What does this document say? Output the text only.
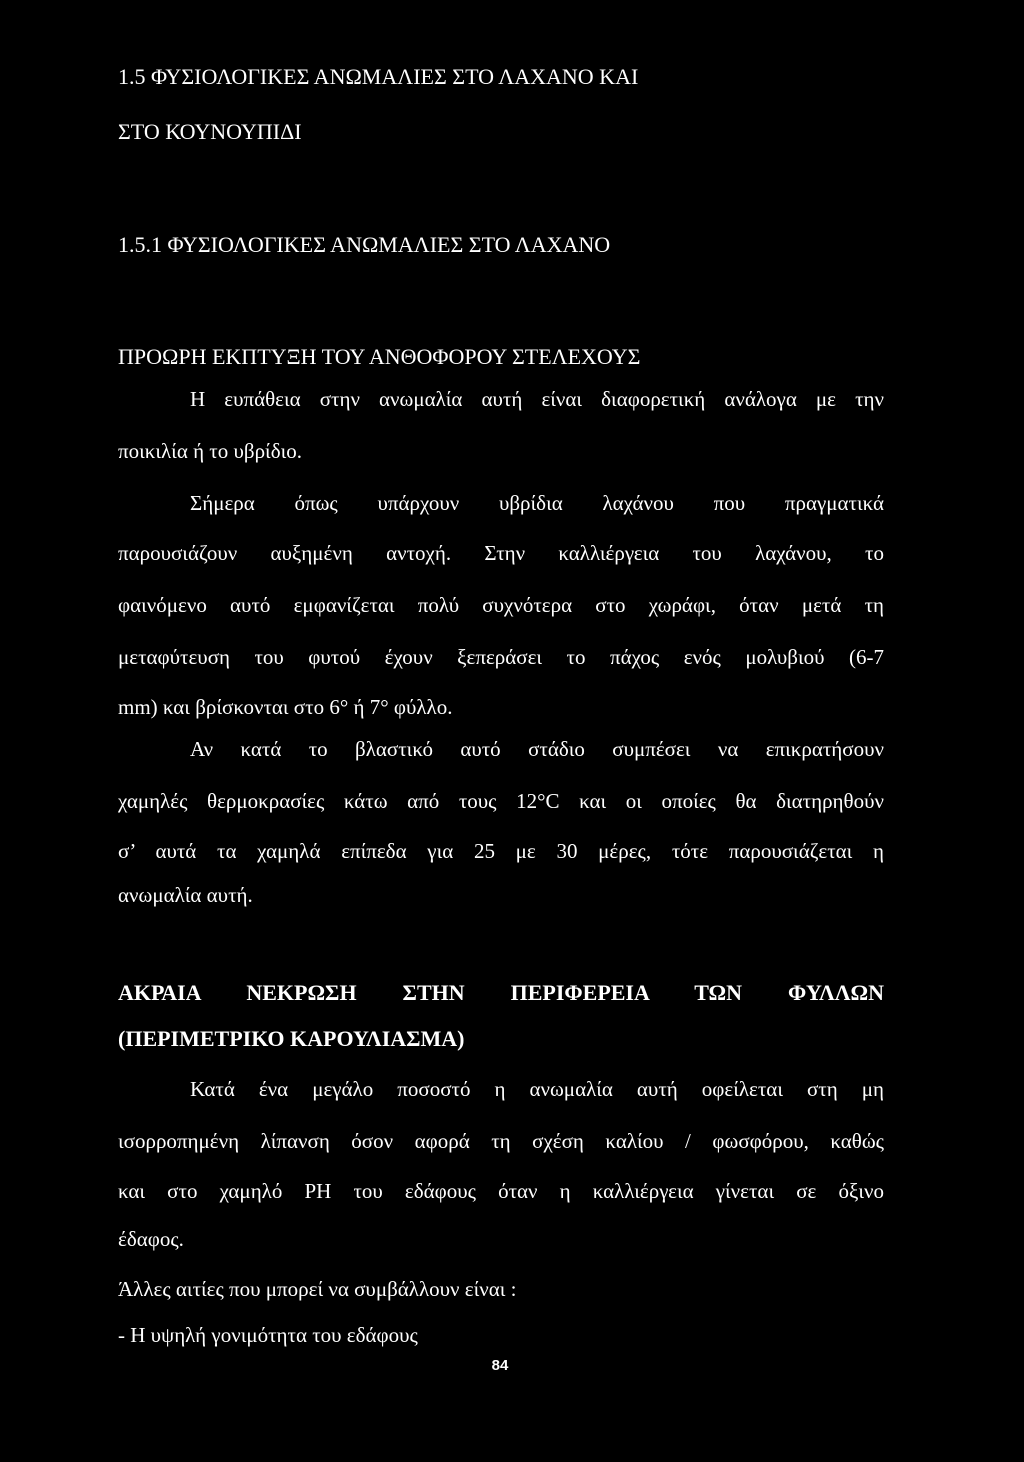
1.5 ΦΥΣΙΟΛΟΓΙΚΕΣ ΑΝΩΜΑΛΙΕΣ ΣΤΟ ΛΑΧΑΝΟ ΚΑΙ
ΣΤΟ ΚΟΥΝΟΥΠΙΔΙ
1.5.1 ΦΥΣΙΟΛΟΓΙΚΕΣ ΑΝΩΜΑΛΙΕΣ ΣΤΟ ΛΑΧΑΝΟ
ΠΡΟΩΡΗ ΕΚΠΤΥΞΗ ΤΟΥ ΑΝΘΟΦΟΡΟΥ ΣΤΕΛΕΧΟΥΣ
Η ευπάθεια στην ανωμαλία αυτή είναι διαφορετική ανάλογα με την
ποικιλία ή το υβρίδιο.
Σήμερα όπως υπάρχουν υβρίδια λαχάνου που πραγματικά
παρουσιάζουν αυξημένη αντοχή. Στην καλλιέργεια του λαχάνου, το
φαινόμενο αυτό εμφανίζεται πολύ συχνότερα στο χωράφι, όταν μετά τη
μεταφύτευση του φυτού έχουν ξεπεράσει το πάχος ενός μολυβιού (6-7
mm) και βρίσκονται στο 6° ή 7° φύλλο.
Αν κατά το βλαστικό αυτό στάδιο συμπέσει να επικρατήσουν
χαμηλές θερμοκρασίες κάτω από τους 12°C και οι οποίες θα διατηρηθούν
σ’ αυτά τα χαμηλά επίπεδα για 25 με 30 μέρες, τότε παρουσιάζεται η
ανωμαλία αυτή.
ΑΚΡΑΙΑ ΝΕΚΡΩΣΗ ΣΤΗΝ ΠΕΡΙΦΕΡΕΙΑ ΤΩΝ ΦΥΛΛΩΝ
(ΠΕΡΙΜΕΤΡΙΚΟ ΚΑΡΟΥΛΙΑΣΜΑ)
Κατά ένα μεγάλο ποσοστό η ανωμαλία αυτή οφείλεται στη μη
ισορροπημένη λίπανση όσον αφορά τη σχέση καλίου / φωσφόρου, καθώς
και στο χαμηλό PH του εδάφους όταν η καλλιέργεια γίνεται σε όξινο
έδαφος.
Άλλες αιτίες που μπορεί να συμβάλλουν είναι :
- Η υψηλή γονιμότητα του εδάφους
84
